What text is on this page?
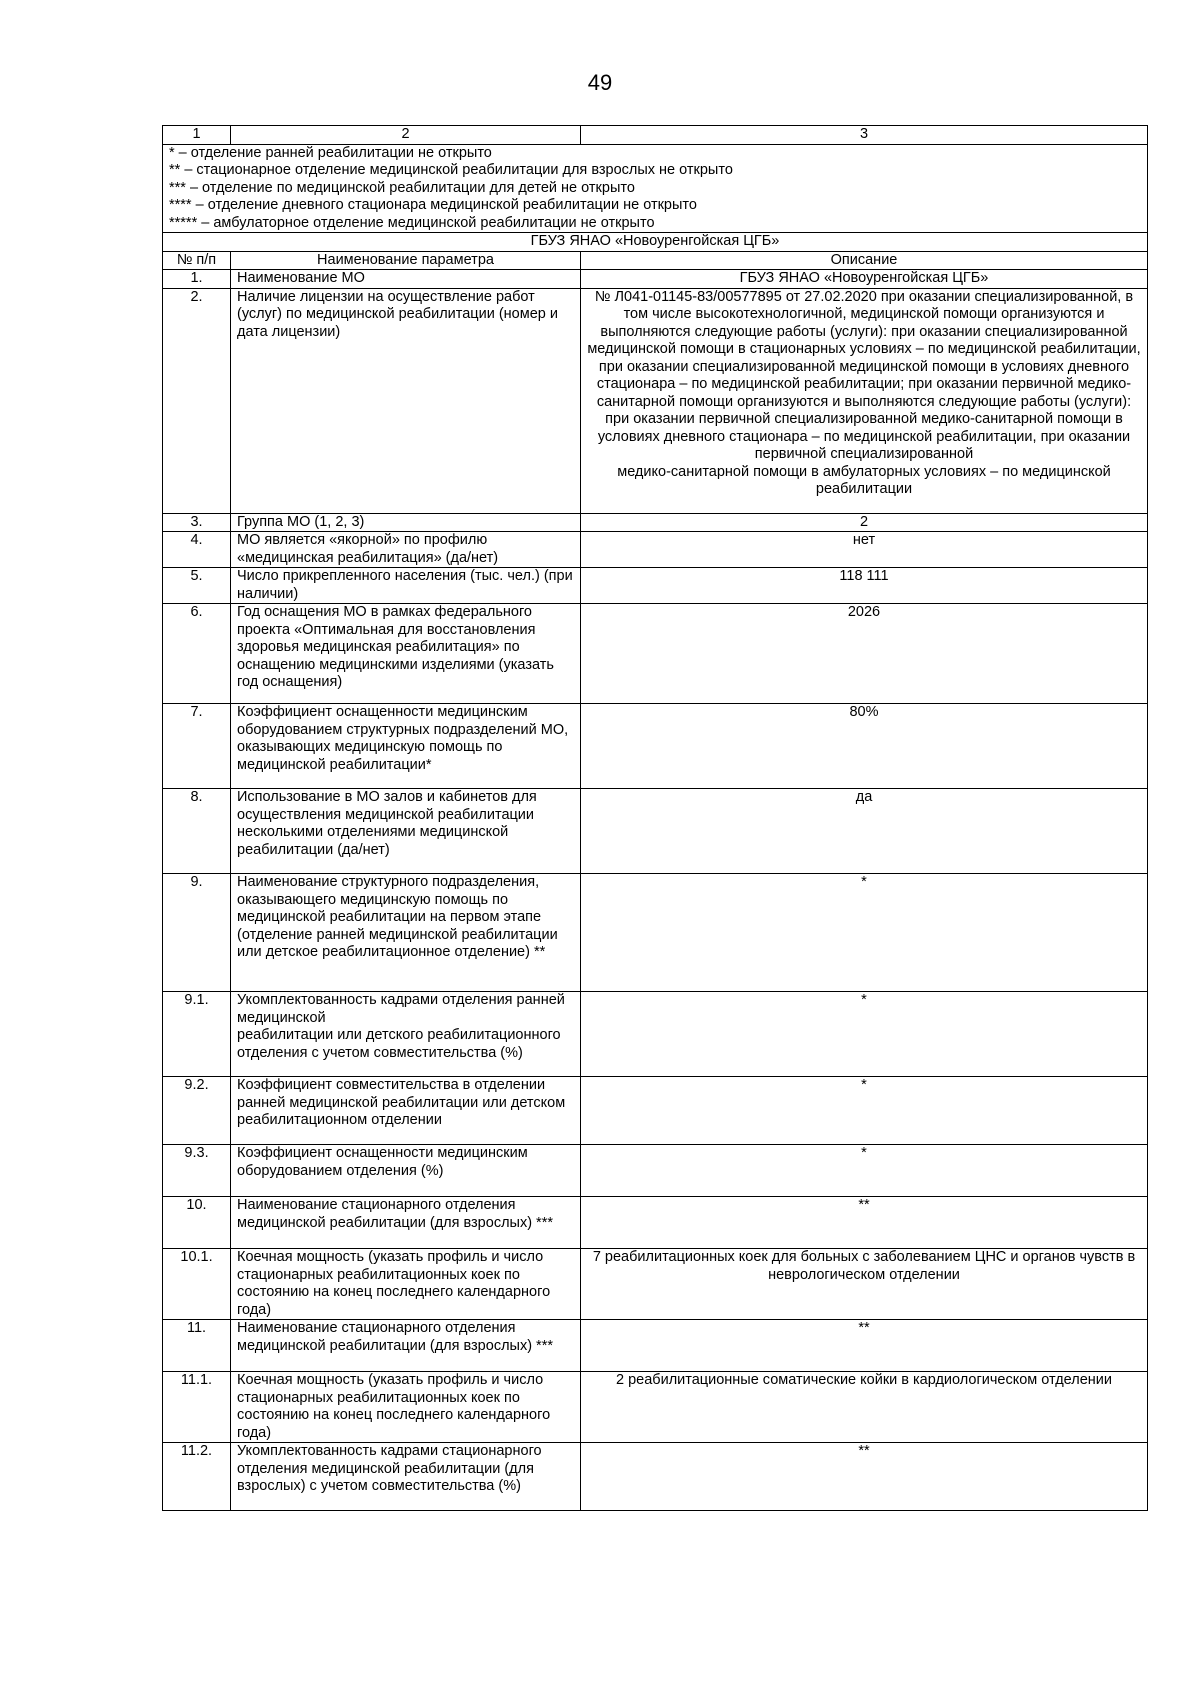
49
1	2	3

* – отделение ранней реабилитации не открыто
** – стационарное отделение медицинской реабилитации для взрослых не открыто
*** – отделение по медицинской реабилитации для детей не открыто
**** – отделение дневного стационара медицинской реабилитации не открыто
***** – амбулаторное отделение медицинской реабилитации не открыто		

ГБУЗ ЯНАО «Новоуренгойская ЦГБ»		
№ п/п	Наименование параметра	Описание
1.	Наименование МО	ГБУЗ ЯНАО «Новоуренгойская ЦГБ»
2.	Наличие лицензии на осуществление работ (услуг) по медицинской реабилитации (номер и дата лицензии)	№ Л041-01145-83/00577895 от 27.02.2020 при оказании специализированной, в том числе высокотехнологичной, медицинской помощи организуются и выполняются следующие работы (услуги): при оказании специализированной медицинской помощи в стационарных условиях – по медицинской реабилитации,
при оказании специализированной медицинской помощи в условиях дневного стационара – по медицинской реабилитации; при оказании первичной медико-санитарной помощи организуются и выполняются следующие работы (услуги): при оказании первичной специализированной медико-санитарной помощи в условиях дневного стационара – по медицинской реабилитации, при оказании первичной специализированной
медико-санитарной помощи в амбулаторных условиях – по медицинской реабилитации
3.	Группа МО (1, 2, 3)	2
4.	МО является «якорной» по профилю «медицинская реабилитация» (да/нет)	нет
5.	Число прикрепленного населения (тыс. чел.) (при наличии)	118 111
6.	Год оснащения МО в рамках федерального проекта «Оптимальная для восстановления здоровья медицинская реабилитация» по оснащению медицинскими изделиями (указать год оснащения)	2026
7.	Коэффициент оснащенности медицинским оборудованием структурных подразделений МО, оказывающих медицинскую помощь по медицинской реабилитации*	80%
8.	Использование в МО залов и кабинетов для
осуществления медицинской реабилитации несколькими отделениями медицинской реабилитации (да/нет)	да
9.	Наименование структурного подразделения, оказывающего медицинскую помощь по медицинской реабилитации на первом этапе (отделение ранней медицинской реабилитации или детское реабилитационное отделение) **	*
9.1.	Укомплектованность кадрами отделения ранней медицинской
реабилитации или детского реабилитационного отделения с учетом совместительства (%)	*
9.2.	Коэффициент совместительства в отделении ранней медицинской реабилитации или детском реабилитационном отделении	*
9.3.	Коэффициент оснащенности медицинским оборудованием отделения (%)	*
10.	Наименование стационарного отделения медицинской реабилитации (для взрослых) ***	**
10.1.	Коечная мощность (указать профиль и число стационарных реабилитационных коек по состоянию на конец последнего календарного года)	7 реабилитационных коек для больных с заболеванием ЦНС и органов чувств в неврологическом отделении
11.	Наименование стационарного отделения медицинской реабилитации (для взрослых) ***	**
11.1.	Коечная мощность (указать профиль и число стационарных реабилитационных коек по состоянию на конец последнего календарного года)	2 реабилитационные соматические койки в кардиологическом отделении
11.2.	Укомплектованность кадрами стационарного отделения медицинской реабилитации (для взрослых) с учетом совместительства (%)	**
